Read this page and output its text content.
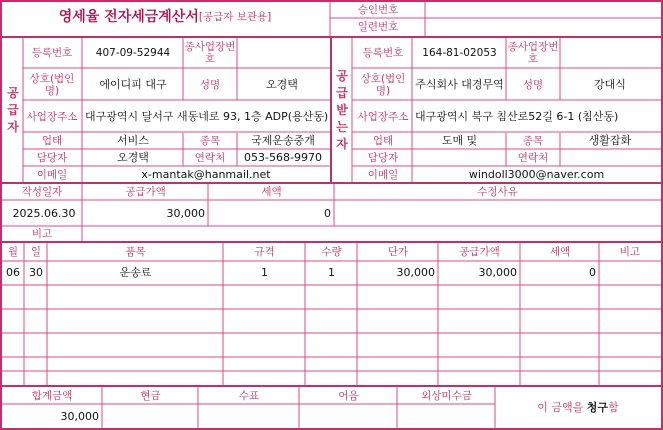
영세율 전자세금계산서 [공급자 보관용]
승인번호
일련번호
공급자
등록번호	407-09-52944	종사업장번호
상호(법인명)	에이디피 대구	성명	오경택
사업장주소 대구광역시 달서구 새동네로 93, 1층 ADP(용산동)
업태	서비스	종목	국제운송중개
담당자	오경택	연락처	053-568-9970
이메일	x-mantak@hanmail.net
공급받는자
등록번호	164-81-02053	종사업장번호
상호(법인명)	주식회사 대경무역	성명	강대식
사업장주소 대구광역시 북구 침산로52길 6-1 (침산동)
업태	도매 및	종목	생활잡화
담당자	연락처
이메일	windoll3000@naver.com
작성일자	공급가액	세액	수정사유
2025.06.30	30,000	0
비고
월	일	품목	규격	수량	단가	공급가액	세액	비고
06 30	운송료	1	1	30,000	30,000	0
합계금액	현금	수표	어음	외상미수금
30,000
이 금액을
청구 함
